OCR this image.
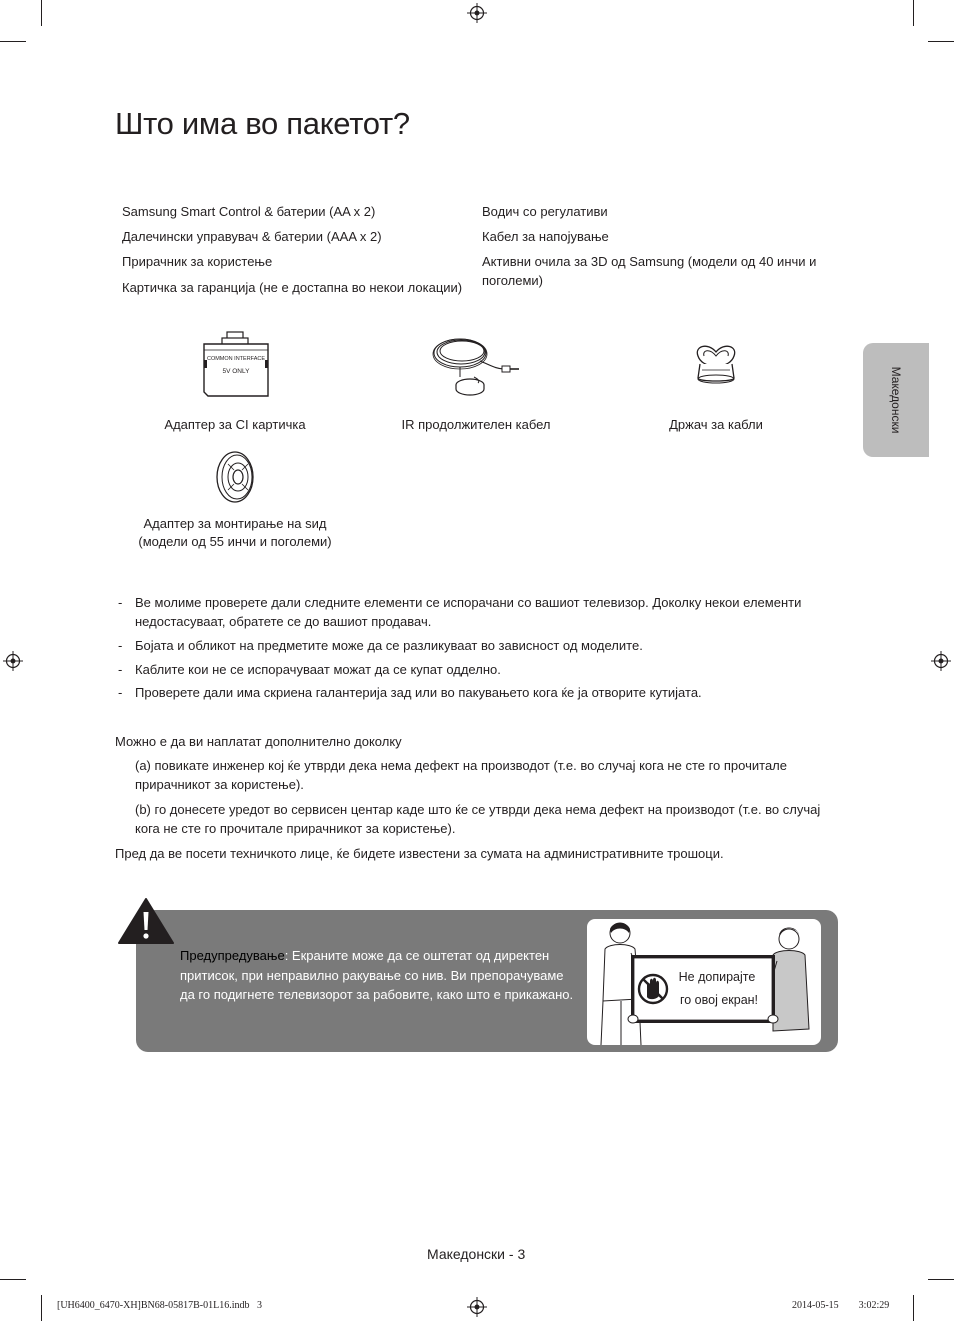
Што има во пакетот?
Македонски
Samsung Smart Control & батерии (AA x 2)
Далечински управувач & батерии (AAA x 2)
Прирачник за користење
Картичка за гаранција (не е достапна во некои локации)
Водич со регулативи
Кабел за напојување
Активни очила за 3D од Samsung (модели од 40 инчи и поголеми)
COMMON INTERFACE
5V ONLY
Адаптер за CI картичка	IR продолжителен кабел	Држач за кабли
Адаптер за монтирање на ѕид
(модели од 55 инчи и поголеми)
- Ве молиме проверете дали следните елементи се испорачани со вашиот телевизор. Доколку некои елементи недостасуваат, обратете се до вашиот продавач.
- Бојата и обликот на предметите може да се разликуваат во зависност од моделите.
- Каблите кои не се испорачуваат можат да се купат одделно.
- Проверете дали има скриена галантерија зад или во пакувањето кога ќе ја отворите кутијата.
Можно е да ви наплатат дополнително доколку
(a) повикате инженер кој ќе утврди дека нема дефект на производот (т.е. во случај кога не сте го прочитале прирачникот за користење).
(b) го донесете уредот во сервисен центар каде што ќе се утврди дека нема дефект на производот (т.е. во случај кога не сте го прочитале прирачникот за користење).
Пред да ве посети техничкото лице, ќе бидете известени за сумата на административните трошоци.
Предупредување: Екраните може да се оштетат од директен притисок, при неправилно ракување со нив. Ви препорачуваме да го подигнете телевизорот за рабовите, како што е прикажано.
Не допирајте
го овој екран!
Македонски - 3
[UH6400_6470-XH]BN68-05817B-01L16.indb   3	2014-05-15     3:02:29
